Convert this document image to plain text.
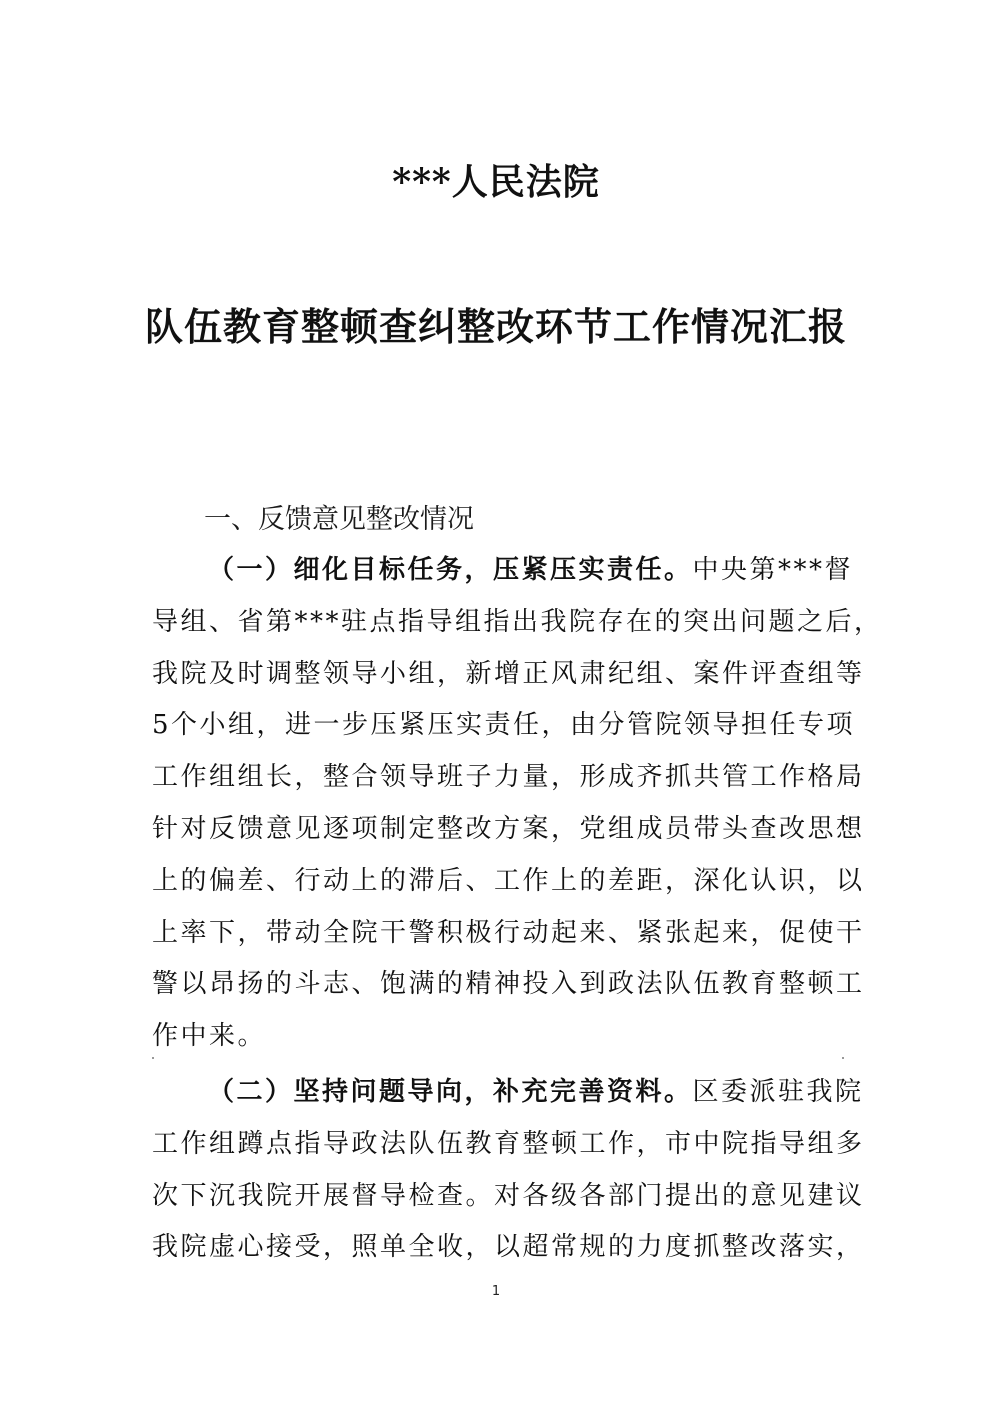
***人民法院
队伍教育整顿查纠整改环节工作情况汇报
一、反馈意见整改情况
（一）细化目标任务，压紧压实责任。中央第***督
导组、省第***驻点指导组指出我院存在的突出问题之后，
我院及时调整领导小组，新增正风肃纪组、案件评查组等
5个小组，进一步压紧压实责任，由分管院领导担任专项
工作组组长，整合领导班子力量，形成齐抓共管工作格局
针对反馈意见逐项制定整改方案，党组成员带头查改思想
上的偏差、行动上的滞后、工作上的差距，深化认识，以
上率下，带动全院干警积极行动起来、紧张起来，促使干
警以昂扬的斗志、饱满的精神投入到政法队伍教育整顿工
作中来。
（二）坚持问题导向，补充完善资料。区委派驻我院
工作组蹲点指导政法队伍教育整顿工作，市中院指导组多
次下沉我院开展督导检查。对各级各部门提出的意见建议
我院虚心接受，照单全收，以超常规的力度抓整改落实，
1
